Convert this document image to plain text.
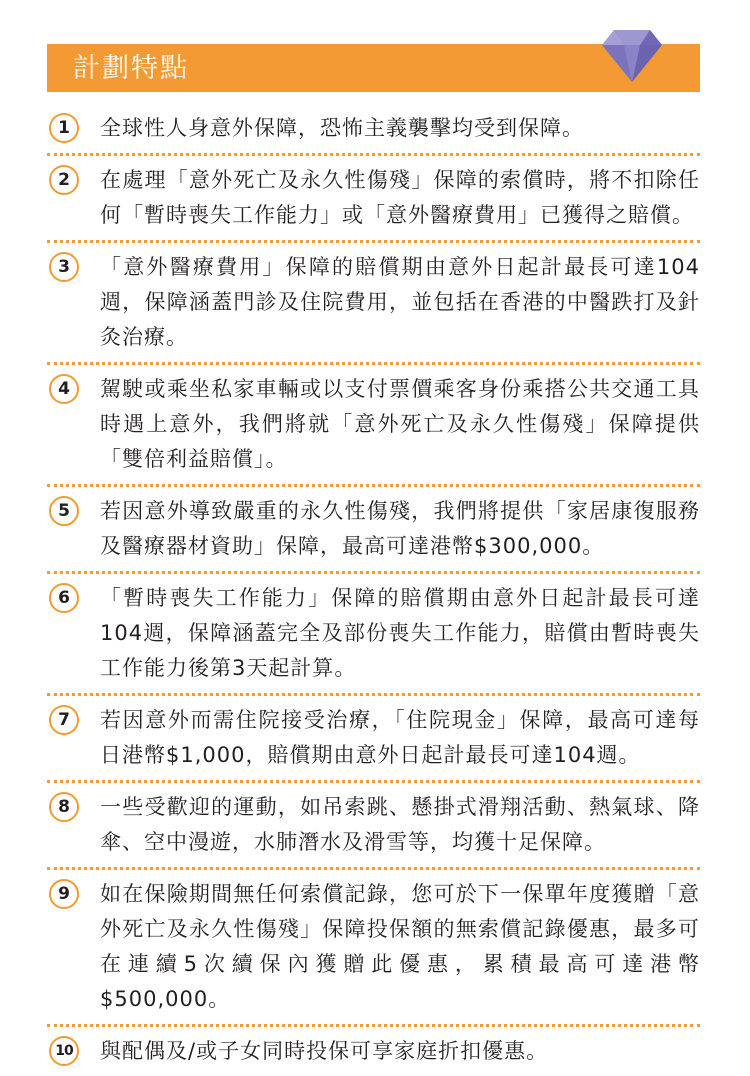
計劃特點
1	全球性人身意外保障，恐怖主義襲擊均受到保障。
2	在處理「意外死亡及永久性傷殘」保障的索償時，將不扣除任何「暫時喪失工作能力」或「意外醫療費用」已獲得之賠償。
3	「意外醫療費用」保障的賠償期由意外日起計最長可達104週，保障涵蓋門診及住院費用，並包括在香港的中醫跌打及針灸治療。
4	駕駛或乘坐私家車輛或以支付票價乘客身份乘搭公共交通工具時遇上意外，我們將就「意外死亡及永久性傷殘」保障提供「雙倍利益賠償」。
5	若因意外導致嚴重的永久性傷殘，我們將提供「家居康復服務及醫療器材資助」保障，最高可達港幣$300,000。
6	「暫時喪失工作能力」保障的賠償期由意外日起計最長可達104週，保障涵蓋完全及部份喪失工作能力，賠償由暫時喪失工作能力後第3天起計算。
7	若因意外而需住院接受治療，「住院現金」保障，最高可達每日港幣$1,000，賠償期由意外日起計最長可達104週。
8	一些受歡迎的運動，如吊索跳、懸掛式滑翔活動、熱氣球、降傘、空中漫遊，水肺潛水及滑雪等，均獲十足保障。
9	如在保險期間無任何索償記錄，您可於下一保單年度獲贈「意外死亡及永久性傷殘」保障投保額的無索償記錄優惠，最多可在連續5次續保內獲贈此優惠，累積最高可達港幣$500,000。
10 與配偶及/或子女同時投保可享家庭折扣優惠。
